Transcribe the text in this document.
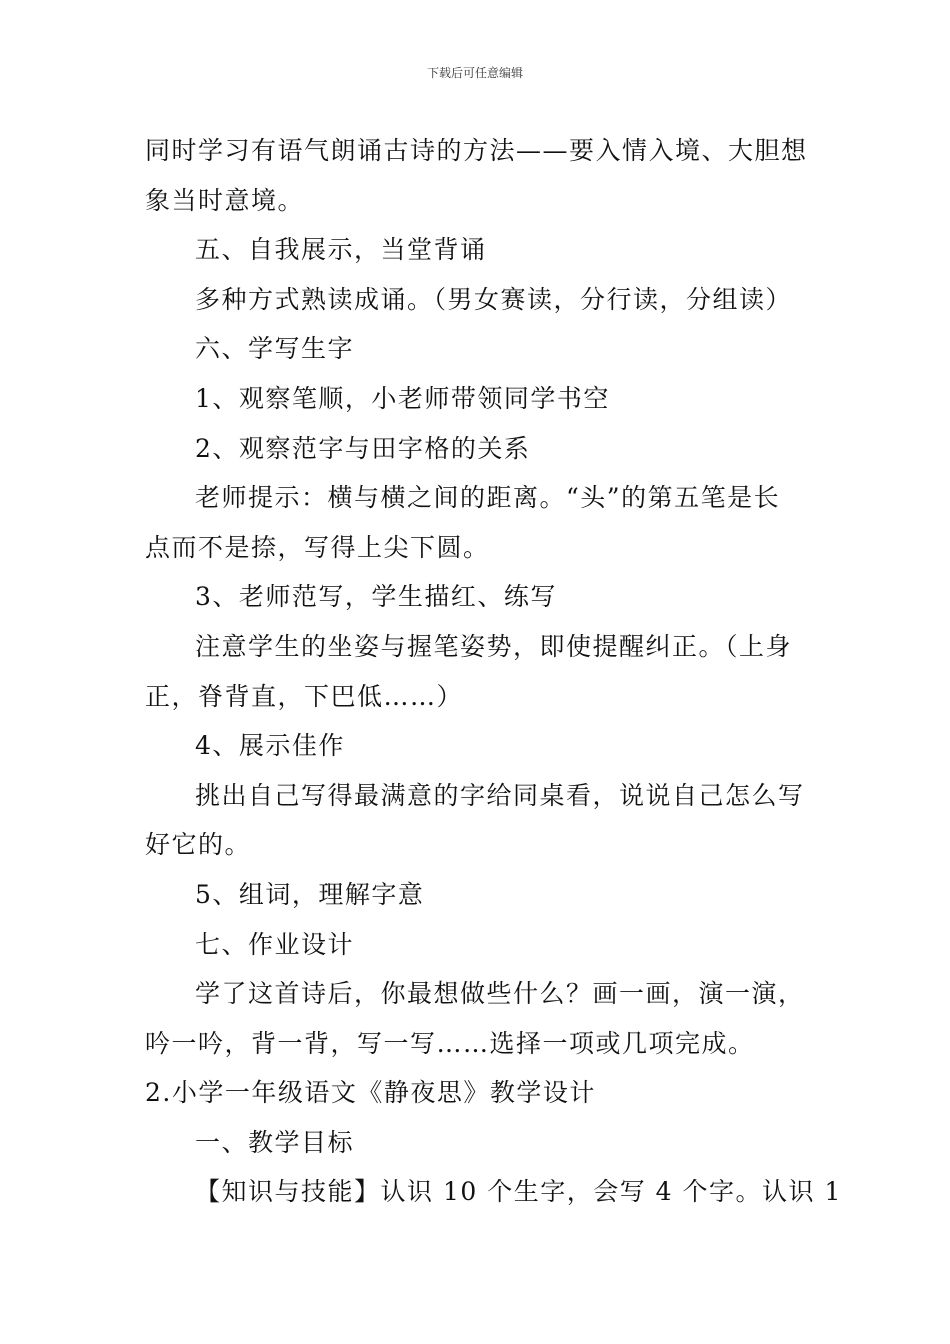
下载后可任意编辑

同时学习有语气朗诵古诗的方法——要入情入境、大胆想

象当时意境。

五、自我展示，当堂背诵

多种方式熟读成诵。（男女赛读，分行读，分组读）

六、学写生字

1、观察笔顺，小老师带领同学书空

2、观察范字与田字格的关系

老师提示：横与横之间的距离。“头”的第五笔是长

点而不是捺，写得上尖下圆。

3、老师范写，学生描红、练写

注意学生的坐姿与握笔姿势，即使提醒纠正。（上身

正，脊背直，下巴低……）

4、展示佳作

挑出自己写得最满意的字给同桌看，说说自己怎么写

好它的。

5、组词，理解字意

七、作业设计

学了这首诗后，你最想做些什么？画一画，演一演，

吟一吟，背一背，写一写……选择一项或几项完成。

2.小学一年级语文《静夜思》教学设计

一、教学目标

【知识与技能】认识 10 个生字，会写 4 个字。认识 1
